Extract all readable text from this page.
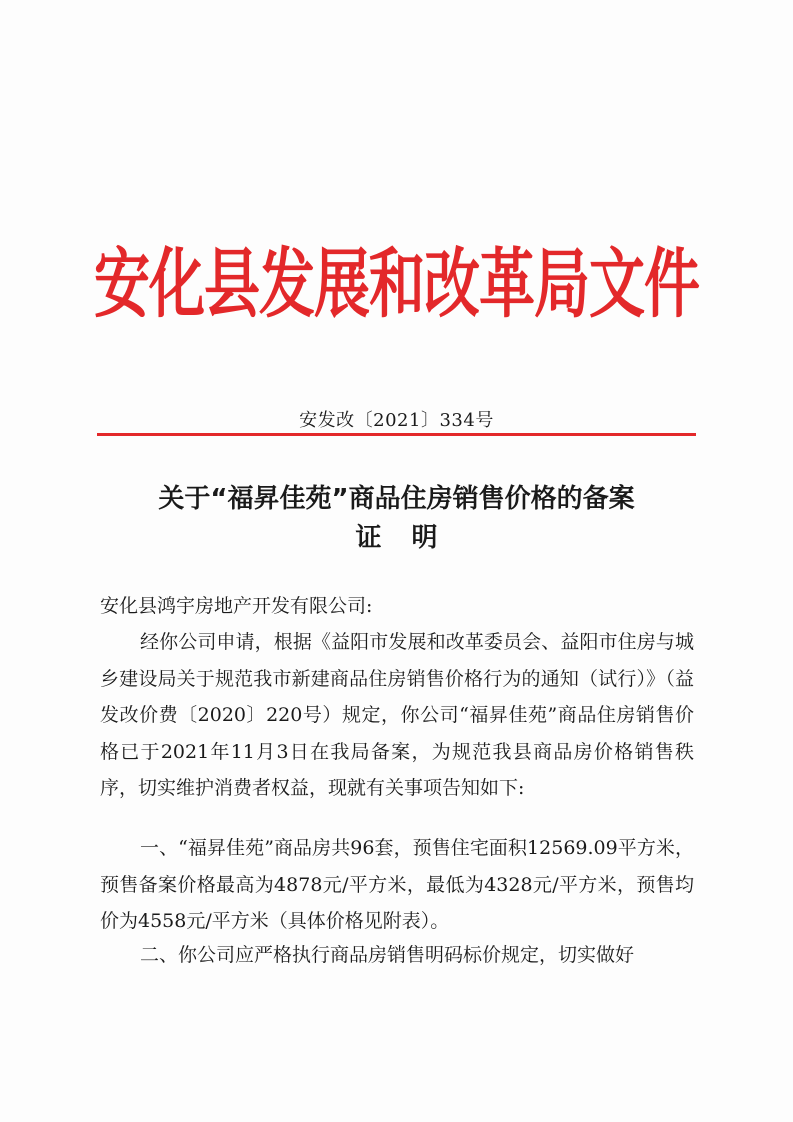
安化县发展和改革局文件
安发改〔2021〕334号
关于“福昇佳苑”商品住房销售价格的备案
证明

安化县鸿宇房地产开发有限公司:

经你公司申请，根据《益阳市发展和改革委员会、益阳市住房与城乡建设局关于规范我市新建商品住房销售价格行为的通知（试行）》（益发改价费〔2020〕220号）规定，你公司“福昇佳苑”商品住房销售价格已于2021年11月3日在我局备案，为规范我县商品房价格销售秩序，切实维护消费者权益，现就有关事项告知如下:

一、“福昇佳苑”商品房共96套，预售住宅面积12569.09平方米，预售备案价格最高为4878元/平方米，最低为4328元/平方米，预售均价为4558元/平方米（具体价格见附表）。

二、你公司应严格执行商品房销售明码标价规定，切实做好
